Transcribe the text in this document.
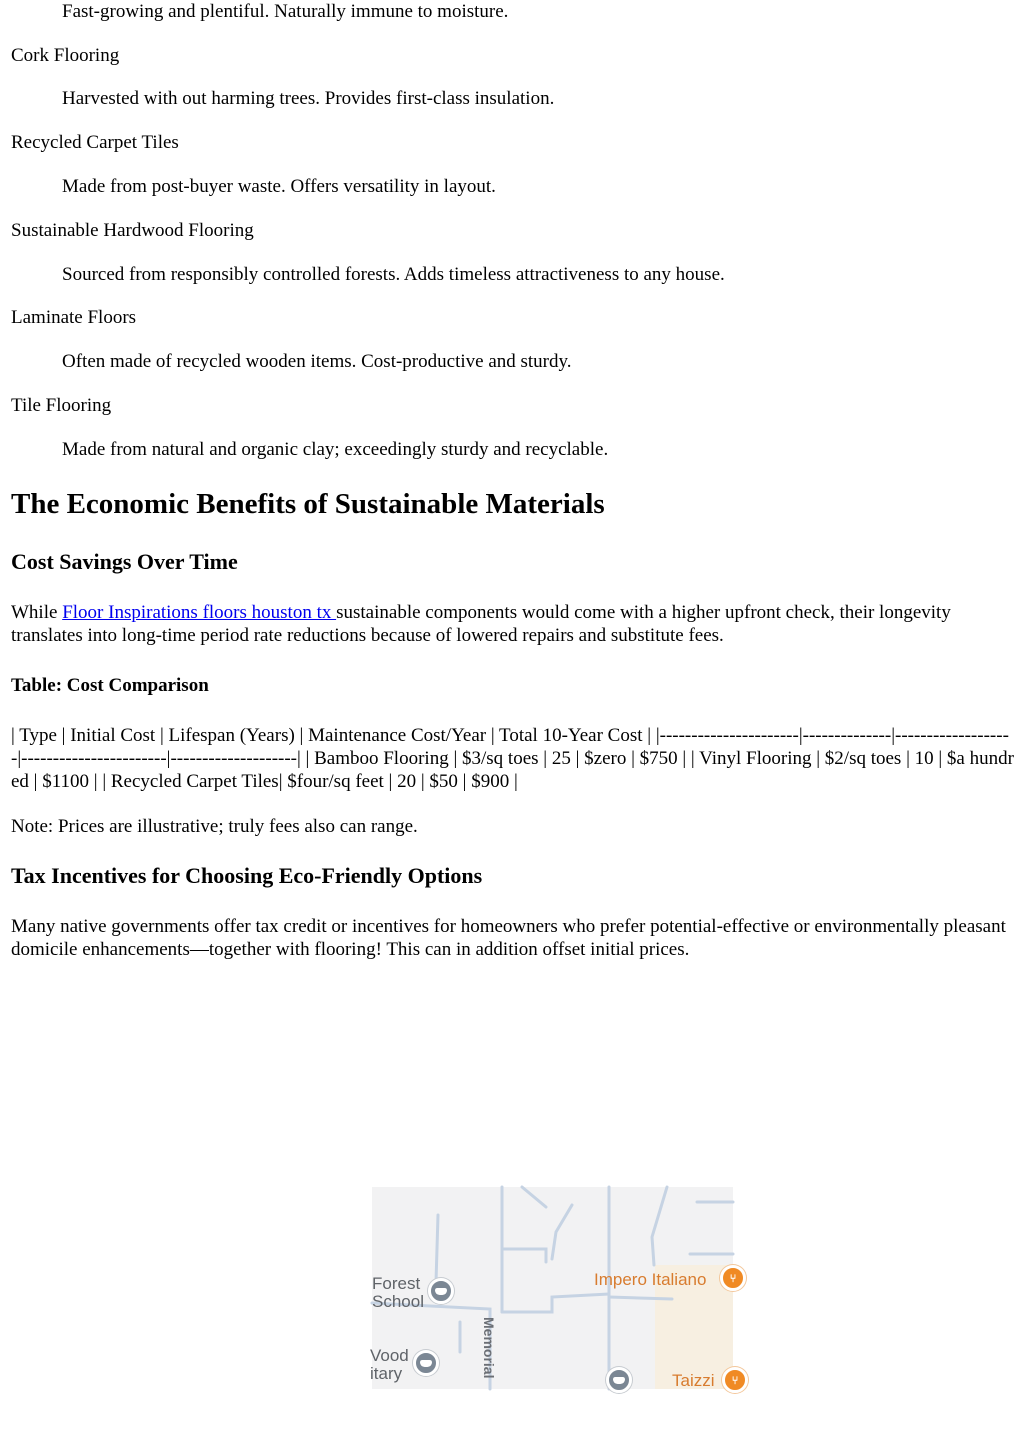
Fast-growing and plentiful. Naturally immune to moisture.

Cork Flooring

Harvested with out harming trees. Provides first-class insulation.

Recycled Carpet Tiles

Made from post-buyer waste. Offers versatility in layout.

Sustainable Hardwood Flooring

Sourced from responsibly controlled forests. Adds timeless attractiveness to any house.

Laminate Floors

Often made of recycled wooden items. Cost-productive and sturdy.

Tile Flooring

Made from natural and organic clay; exceedingly sturdy and recyclable.

The Economic Benefits of Sustainable Materials
Cost Savings Over Time

While Floor Inspirations floors houston tx sustainable components would come with a higher upfront check, their longevity translates into long-time period rate reductions because of lowered repairs and substitute fees.

Table: Cost Comparison

| Type | Initial Cost | Lifespan (Years) | Maintenance Cost/Year | Total 10-Year Cost | |----------------------|--------------|-------------------|-----------------------|--------------------| | Bamboo Flooring | $3/sq toes | 25 | $zero | $750 | | Vinyl Flooring | $2/sq toes | 10 | $a hundred | $1100 | | Recycled Carpet Tiles| $four/sq feet | 20 | $50 | $900 |

Note: Prices are illustrative; truly fees also can range.

Tax Incentives for Choosing Eco-Friendly Options

Many native governments offer tax credit or incentives for homeowners who prefer potential-effective or environmentally pleasant domicile enhancements—together with flooring! This can in addition offset initial prices.

Forest
School
Vood
itary	Memorial
Impero Italiano	⑂
Taizzi	⑂
